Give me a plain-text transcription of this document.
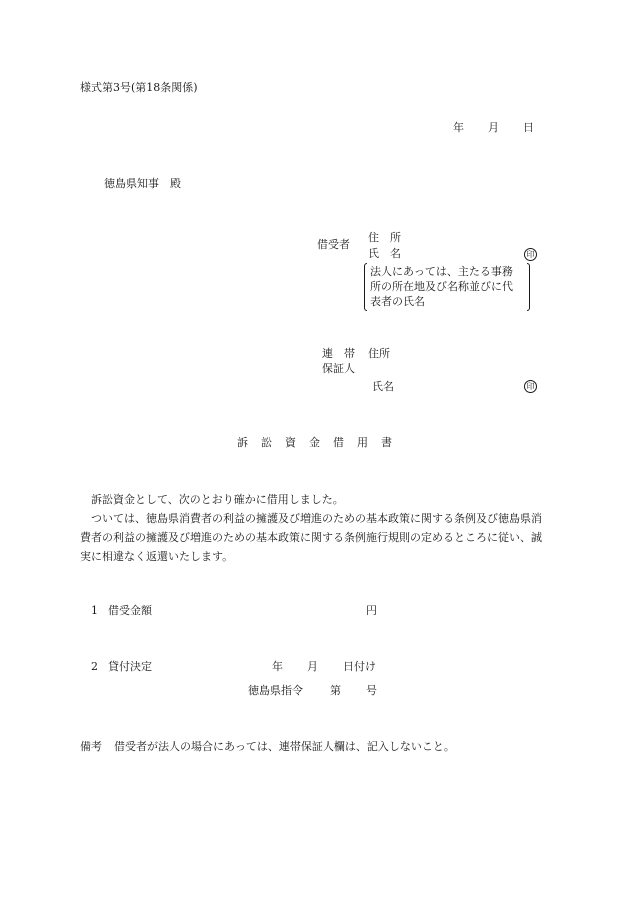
様式第3号(第18条関係)
年 月 日
徳島県知事　殿
借受者
住　所
氏　名	印
法人にあっては、主たる事務
所の所在地及び名称並びに代
表者の氏名
連　帯 住所
保証人
氏名	印
訴 訟 資 金 借 用 書

訴訟資金として、次のとおり確かに借用しました。

ついては、徳島県消費者の利益の擁護及び増進のための基本政策に関する条例及び徳島県消費者の利益の擁護及び増進のための基本政策に関する条例施行規則の定めるところに従い、誠実に相違なく返還いたします。

1 借受金額	円
2 貸付決定	年 月 日付け
徳島県指令 第 号
備考 借受者が法人の場合にあっては、連帯保証人欄は、記入しないこと。
